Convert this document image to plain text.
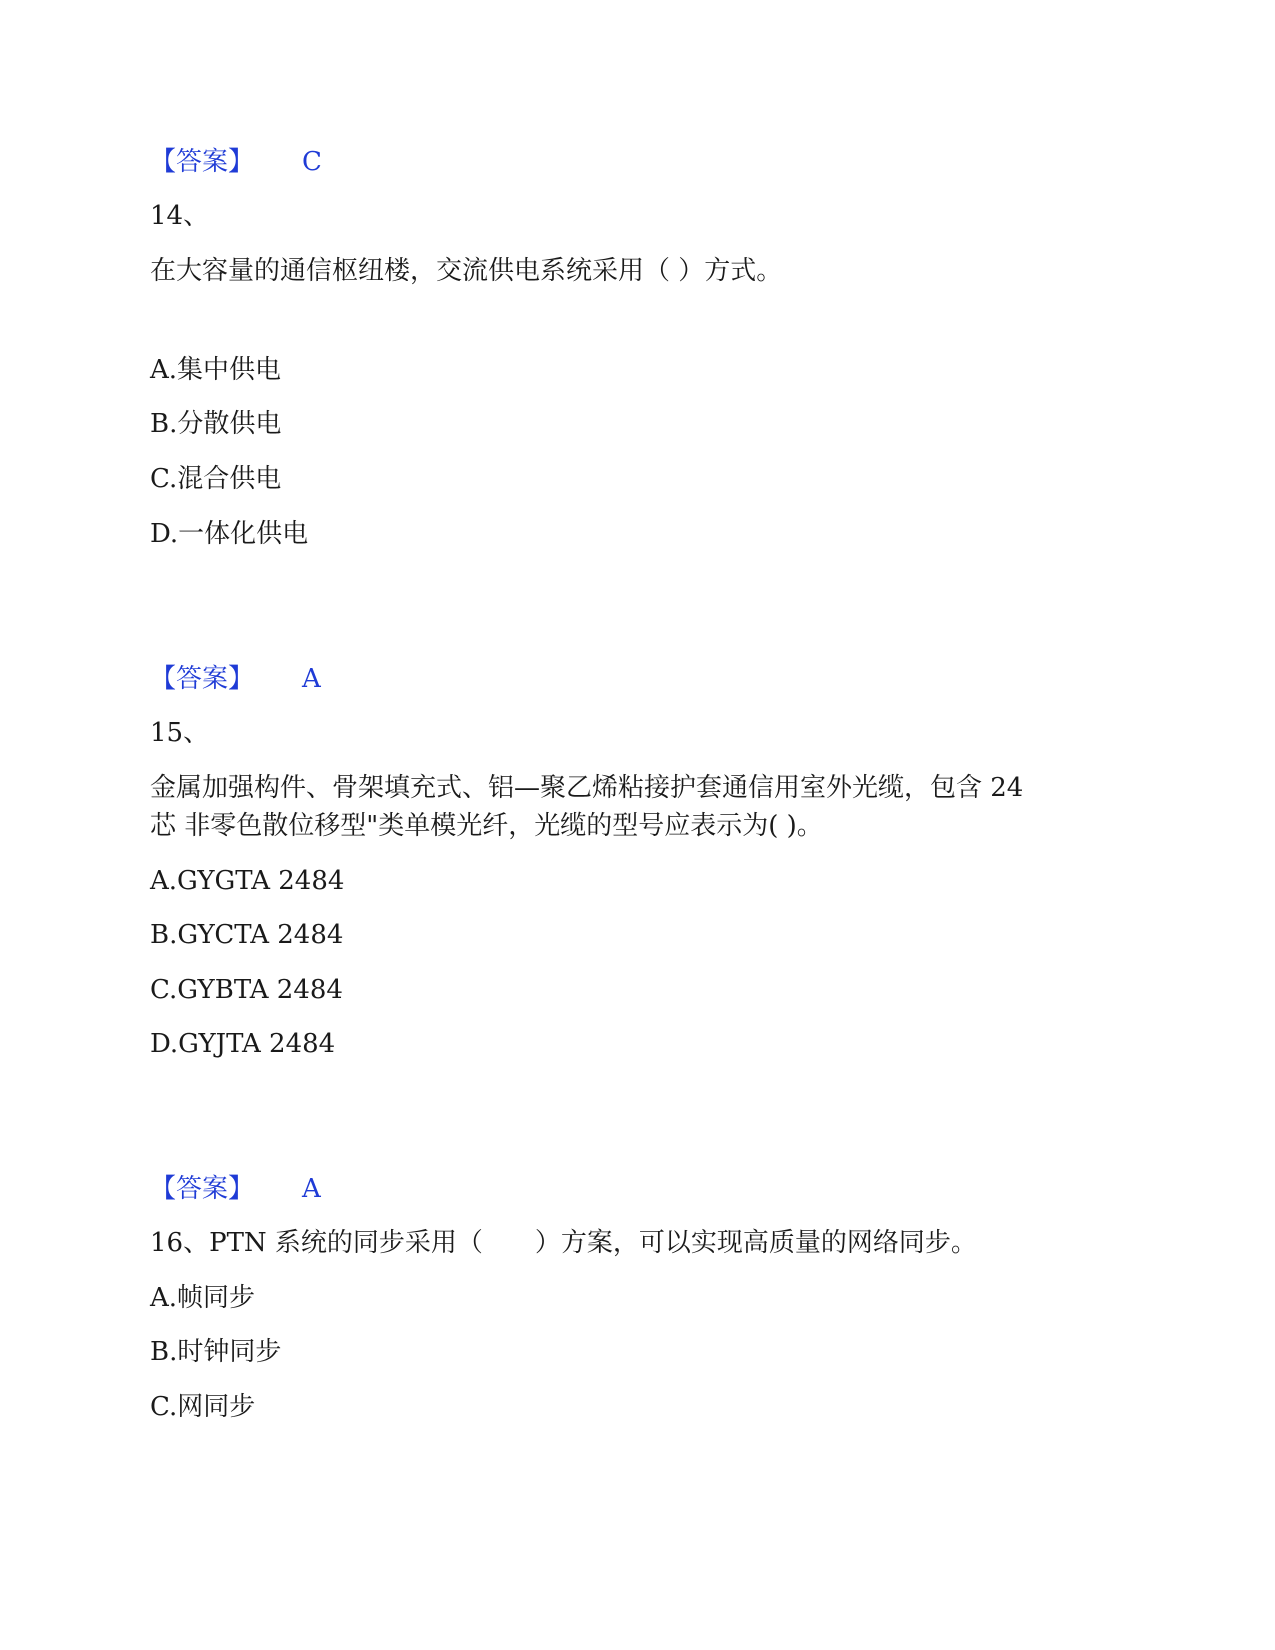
【答案】 C
14、
在大容量的通信枢纽楼，交流供电系统采用（ ）方式。
A.集中供电
B.分散供电
C.混合供电
D.一体化供电
【答案】 A
15、
金属加强构件、骨架填充式、铝—聚乙烯粘接护套通信用室外光缆，包含 24
芯 非零色散位移型"类单模光纤，光缆的型号应表示为( )。
A.GYGTA 2484
B.GYCTA 2484
C.GYBTA 2484
D.GYJTA 2484
【答案】 A
16、PTN 系统的同步采用（　　）方案，可以实现高质量的网络同步。
A.帧同步
B.时钟同步
C.网同步
